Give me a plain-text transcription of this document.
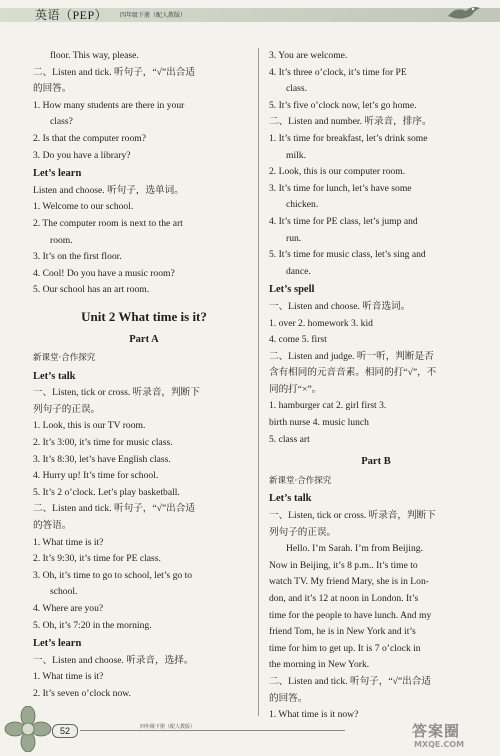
英语（PEP） 四年级下册（配人教版）
floor. This way, please.
二、Listen and tick. 听句子，“√”出合适
的回答。
1. How many students are there in your
class?
2. Is that the computer room?
3. Do you have a library?
Let’s learn
Listen and choose. 听句子，选单词。
1. Welcome to our school.
2. The computer room is next to the art
room.
3. It’s on the first floor.
4. Cool! Do you have a music room?
5. Our school has an art room.
Unit 2 What time is it?
Part A
新课堂·合作探究
Let’s talk
一、Listen, tick or cross. 听录音，判断下
列句子的正误。
1. Look, this is our TV room.
2. It’s 3:00, it’s time for music class.
3. It’s 8:30, let’s have English class.
4. Hurry up! It’s time for school.
5. It’s 2 o’clock. Let’s play basketball.
二、Listen and tick. 听句子，“√”出合适
的答语。
1. What time is it?
2. It’s 9:30, it’s time for PE class.
3. Oh, it’s time to go to school, let’s go to
school.
4. Where are you?
5. Oh, it’s 7:20 in the morning.
Let’s learn
一、Listen and choose. 听录音，选择。
1. What time is it?
2. It’s seven o’clock now.
3. You are welcome.
4. It’s three o’clock, it’s time for PE
class.
5. It’s five o’clock now, let’s go home.
二、Listen and number. 听录音，排序。
1. It’s time for breakfast, let’s drink some
milk.
2. Look, this is our computer room.
3. It’s time for lunch, let’s have some
chicken.
4. It’s time for PE class, let’s jump and
run.
5. It’s time for music class, let’s sing and
dance.
Let’s spell
一、Listen and choose. 听音选词。
1. over 2. homework 3. kid
4. come 5. first
二、Listen and judge. 听一听，判断是否
含有相同的元音音素。相同的打“√”，不
同的打“×”。
1. hamburger cat 2. girl first 3.
birth nurse 4. music lunch
5. class art
Part B
新课堂·合作探究
Let’s talk
一、Listen, tick or cross. 听录音，判断下
列句子的正误。
Hello. I’m Sarah. I’m from Beijing.
Now in Beijing, it’s 8 p.m.. It’s time to
watch TV. My friend Mary, she is in Lon-
don, and it’s 12 at noon in London. It’s
time for the people to have lunch. And my
friend Tom, he is in New York and it’s
time for him to get up. It is 7 o’clock in
the morning in New York.
二、Listen and tick. 听句子，“√”出合适
的回答。
1. What time is it now?
52	四年级下册（配人教版）	答案圈
MXQE.COM
